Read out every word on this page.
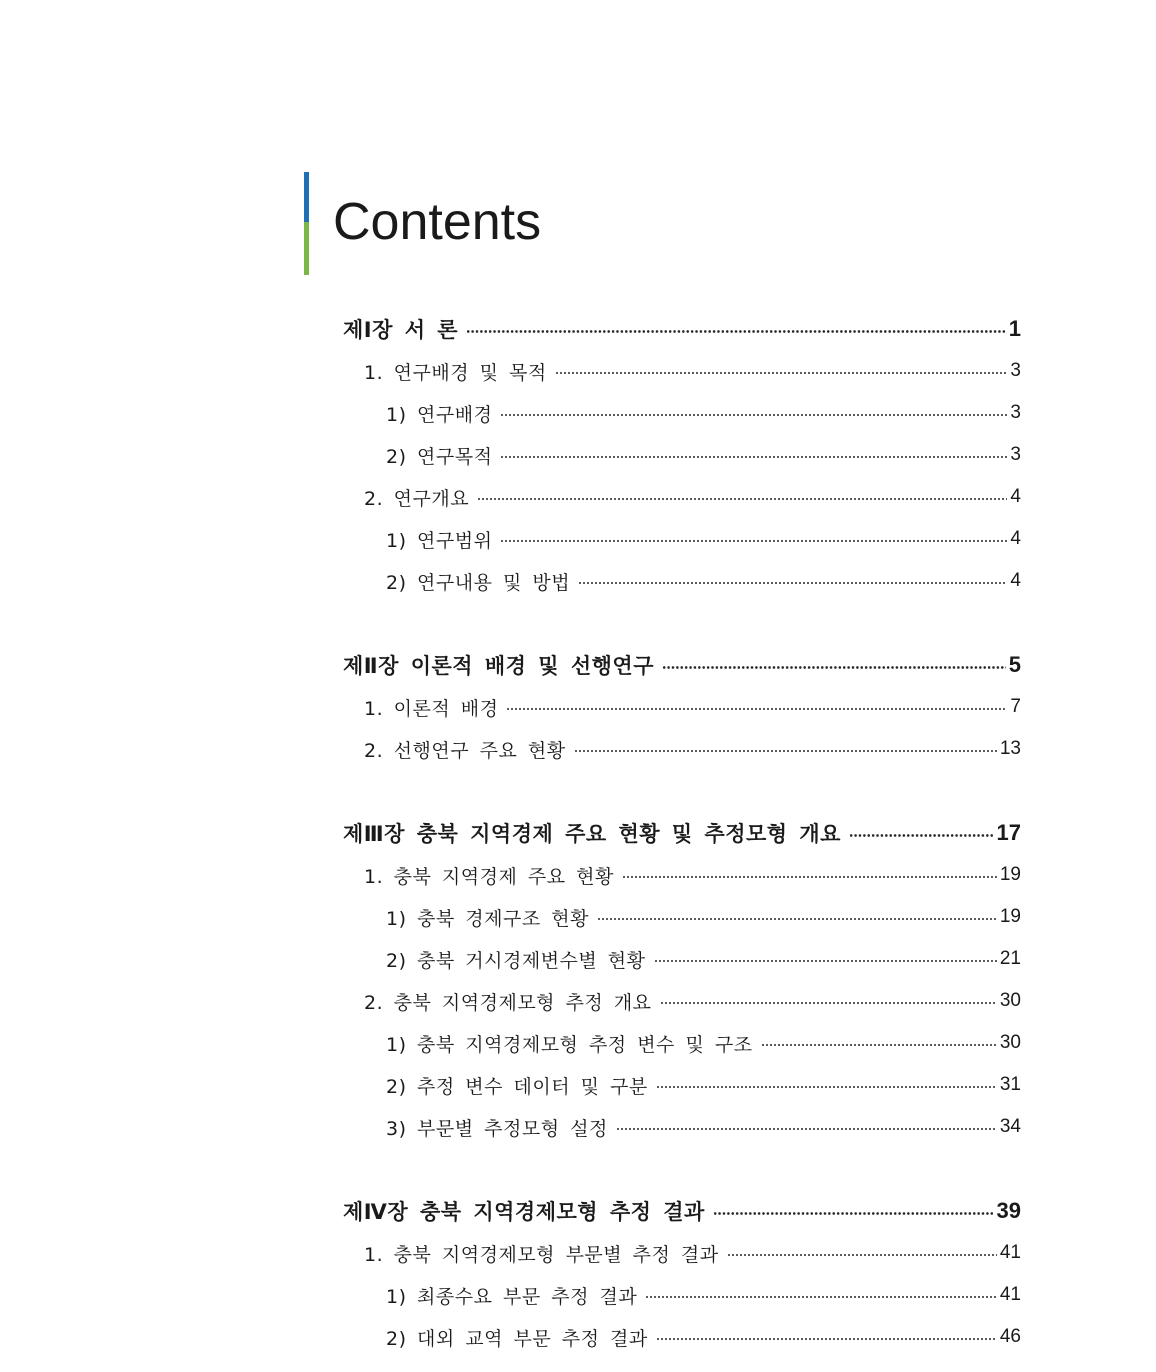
Contents
제Ⅰ장 서 론	1
1. 연구배경 및 목적	3
1) 연구배경	3
2) 연구목적	3
2. 연구개요	4
1) 연구범위	4
2) 연구내용 및 방법	4
제Ⅱ장 이론적 배경 및 선행연구	5
1. 이론적 배경	7
2. 선행연구 주요 현황	13
제Ⅲ장 충북 지역경제 주요 현황 및 추정모형 개요	17
1. 충북 지역경제 주요 현황	19
1) 충북 경제구조 현황	19
2) 충북 거시경제변수별 현황	21
2. 충북 지역경제모형 추정 개요	30
1) 충북 지역경제모형 추정 변수 및 구조	30
2) 추정 변수 데이터 및 구분	31
3) 부문별 추정모형 설정	34
제Ⅳ장 충북 지역경제모형 추정 결과	39
1. 충북 지역경제모형 부문별 추정 결과	41
1) 최종수요 부문 추정 결과	41
2) 대외 교역 부문 추정 결과	46
